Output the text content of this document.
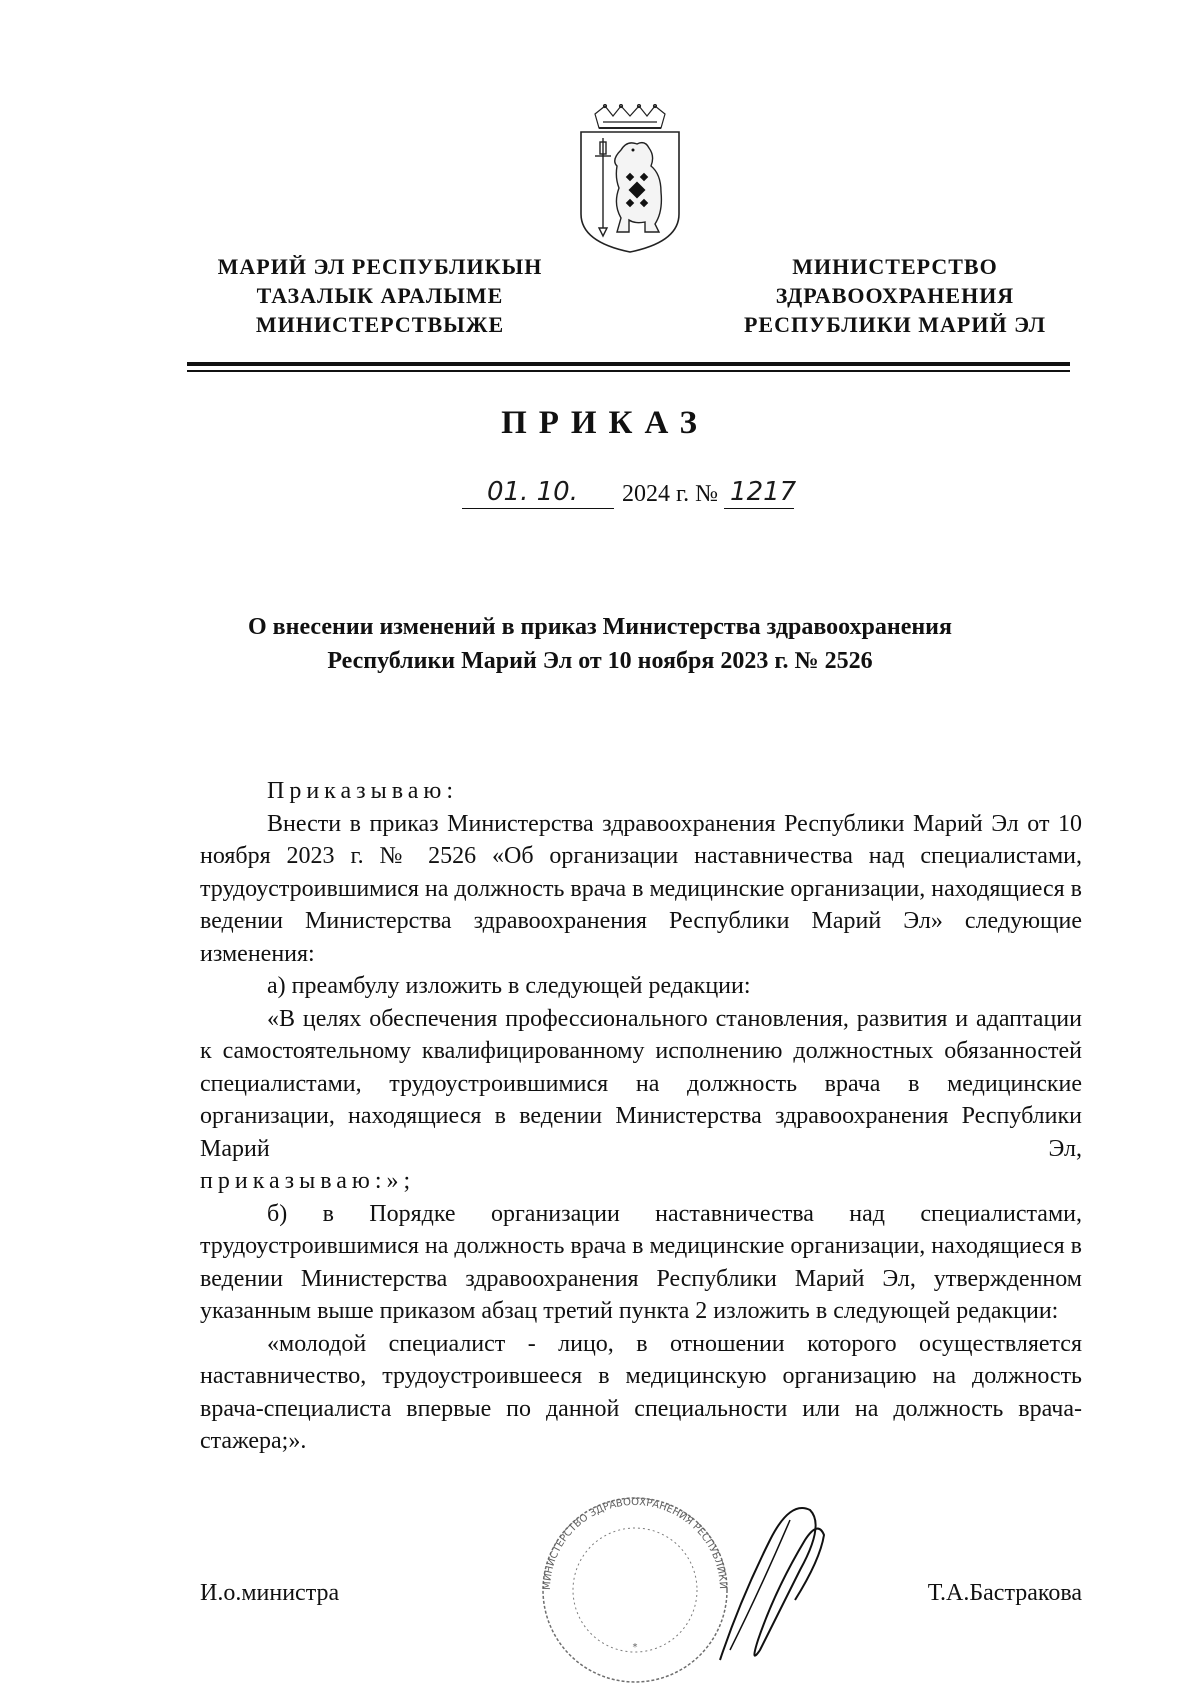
МАРИЙ ЭЛ РЕСПУБЛИКЫН
ТАЗАЛЫК АРАЛЫМЕ
МИНИСТЕРСТВЫЖЕ
МИНИСТЕРСТВО
ЗДРАВООХРАНЕНИЯ
РЕСПУБЛИКИ МАРИЙ ЭЛ
ПРИКАЗ
01. 10. 2024 г. № 1217

О внесении изменений в приказ Министерства здравоохранения
Республики Марий Эл от 10 ноября 2023 г. № 2526

Приказываю:

Внести в приказ Министерства здравоохранения Республики Марий Эл от 10 ноября 2023 г. № 2526 «Об организации наставничества над специалистами, трудоустроившимися на должность врача в медицинские организации, находящиеся в ведении Министерства здравоохранения Республики Марий Эл» следующие изменения:

а) преамбулу изложить в следующей редакции:

«В целях обеспечения профессионального становления, развития и адаптации к самостоятельному квалифицированному исполнению должностных обязанностей специалистами, трудоустроившимися на должность врача в медицинские организации, находящиеся в ведении Министерства здравоохранения Республики Марий Эл,

приказываю:»;

б) в Порядке организации наставничества над специалистами, трудоустроившимися на должность врача в медицинские организации, находящиеся в ведении Министерства здравоохранения Республики Марий Эл, утвержденном указанным выше приказом абзац третий пункта 2 изложить в следующей редакции:

«молодой специалист - лицо, в отношении которого осуществляется наставничество, трудоустроившееся в медицинскую организацию на должность врача-специалиста впервые по данной специальности или на должность врача-стажера;».

МИНИСТЕРСТВО ЗДРАВООХРАНЕНИЯ РЕСПУБЛИКИ
*
И.о.министра	Т.А.Бастракова
